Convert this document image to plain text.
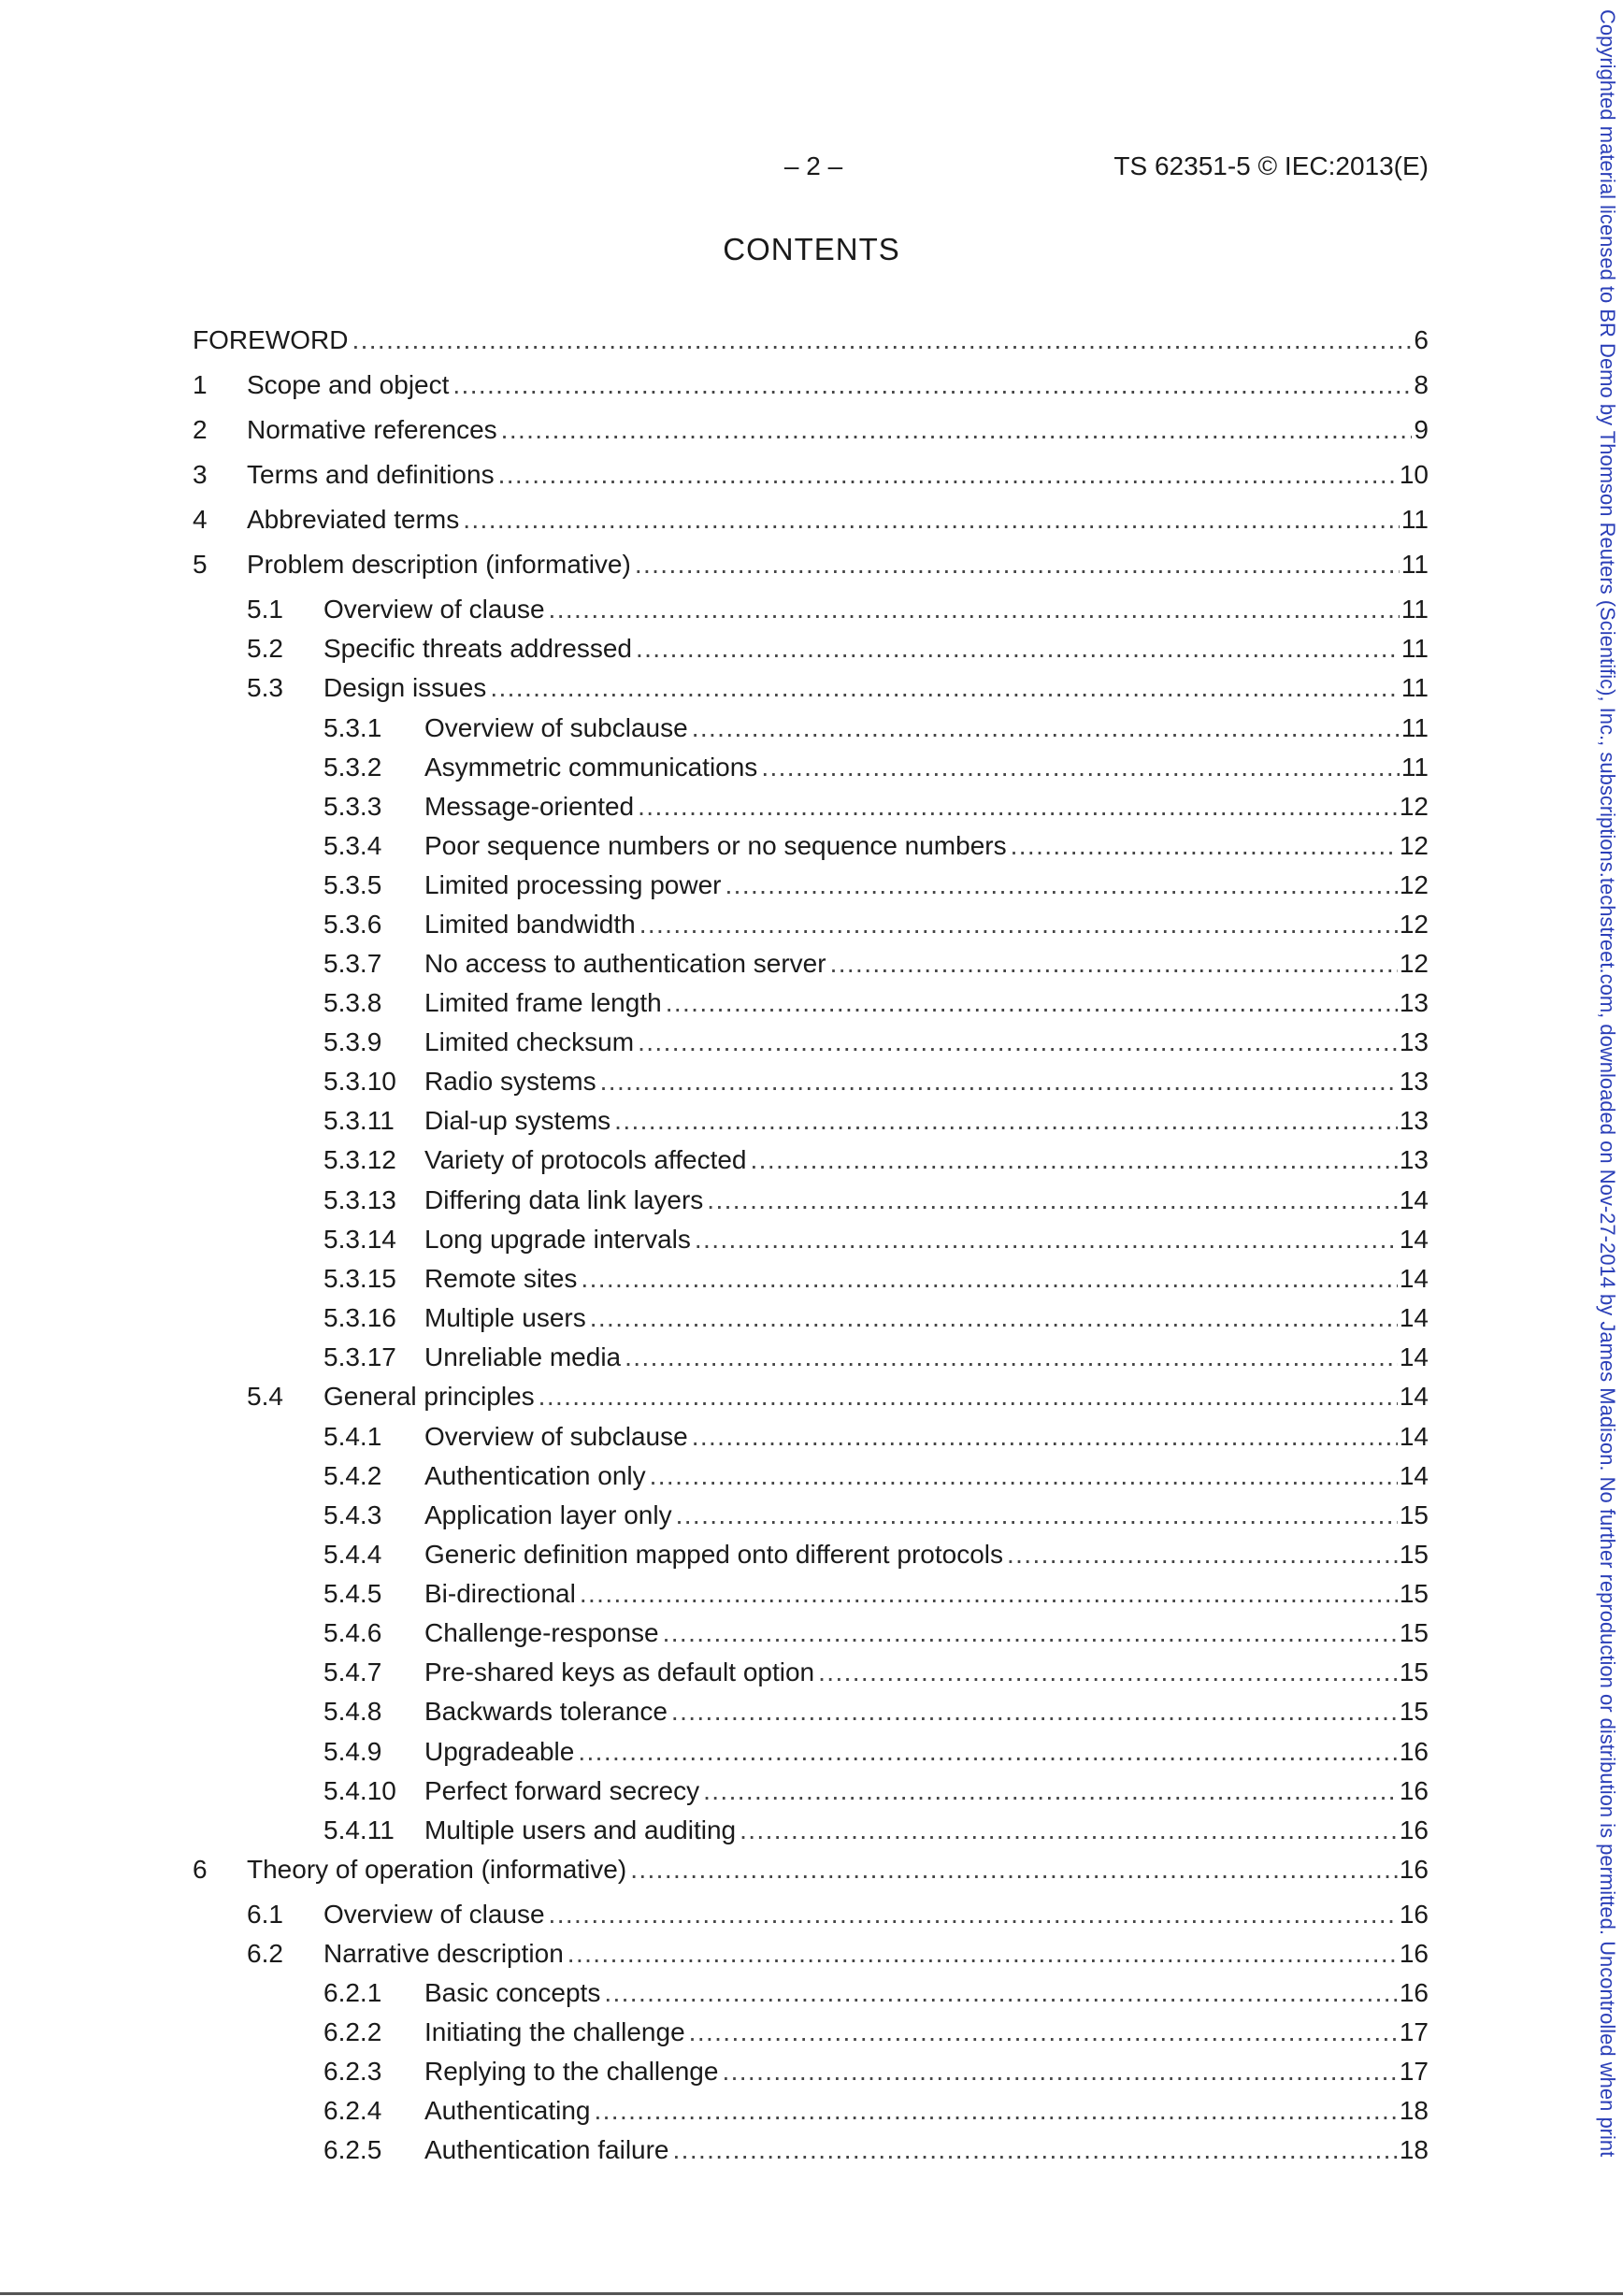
– 2 –	TS 62351-5 © IEC:2013(E)
CONTENTS
FOREWORD . . .	6
1 Scope and object . . .	8
2 Normative references . . .	9
3 Terms and definitions . . .	10
4 Abbreviated terms . . .	11
5 Problem description (informative) . . .	11
5.1 Overview of clause . . .	11
5.2 Specific threats addressed . . .	11
5.3 Design issues . . .	11
5.3.1 Overview of subclause . . .	11
5.3.2 Asymmetric communications . . .	11
5.3.3 Message-oriented . . .	12
5.3.4 Poor sequence numbers or no sequence numbers . . .	12
5.3.5 Limited processing power . . .	12
5.3.6 Limited bandwidth . . .	12
5.3.7 No access to authentication server . . .	12
5.3.8 Limited frame length . . .	13
5.3.9 Limited checksum . . .	13
5.3.10 Radio systems . . .	13
5.3.11 Dial-up systems . . .	13
5.3.12 Variety of protocols affected . . .	13
5.3.13 Differing data link layers . . .	14
5.3.14 Long upgrade intervals . . .	14
5.3.15 Remote sites . . .	14
5.3.16 Multiple users . . .	14
5.3.17 Unreliable media . . .	14
5.4 General principles . . .	14
5.4.1 Overview of subclause . . .	14
5.4.2 Authentication only . . .	14
5.4.3 Application layer only . . .	15
5.4.4 Generic definition mapped onto different protocols . . .	15
5.4.5 Bi-directional . . .	15
5.4.6 Challenge-response . . .	15
5.4.7 Pre-shared keys as default option . . .	15
5.4.8 Backwards tolerance . . .	15
5.4.9 Upgradeable . . .	16
5.4.10 Perfect forward secrecy . . .	16
5.4.11 Multiple users and auditing . . .	16
6 Theory of operation (informative) . . .	16
6.1 Overview of clause . . .	16
6.2 Narrative description . . .	16
6.2.1 Basic concepts . . .	16
6.2.2 Initiating the challenge . . .	17
6.2.3 Replying to the challenge . . .	17
6.2.4 Authenticating . . .	18
6.2.5 Authentication failure . . .	18	Copyrighted material licensed to BR Demo by Thomson Reuters (Scientific), Inc., subscriptions.techstreet.com, downloaded on Nov-27-2014 by James Madison. No further reproduction or distribution is permitted. Uncontrolled when print
